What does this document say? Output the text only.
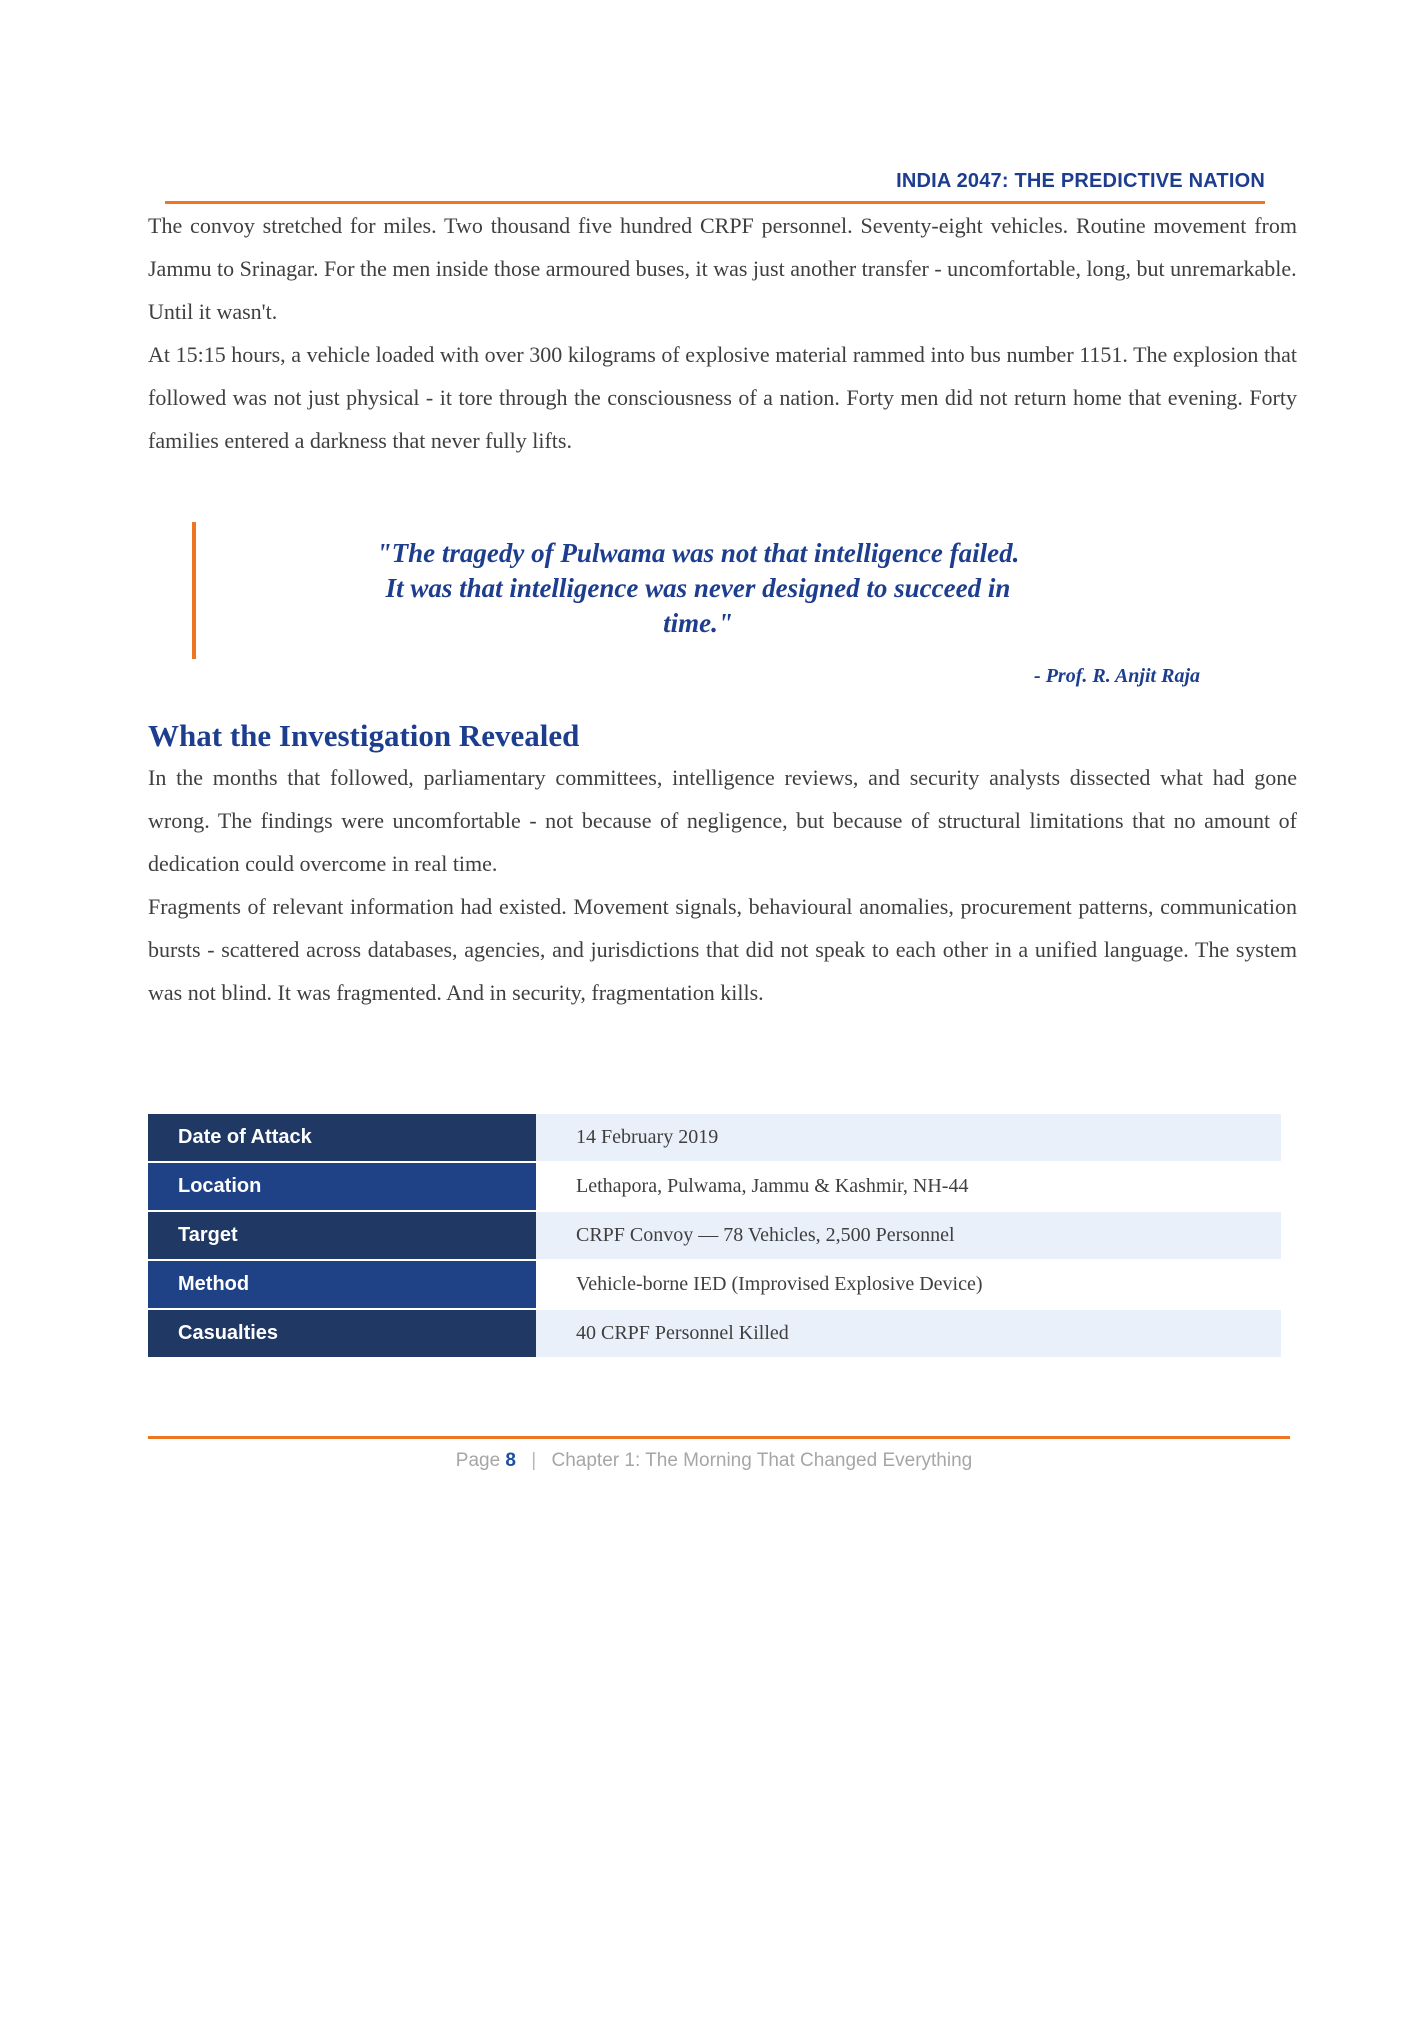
INDIA 2047: THE PREDICTIVE NATION

The convoy stretched for miles. Two thousand five hundred CRPF personnel. Seventy-eight vehicles. Routine movement from Jammu to Srinagar. For the men inside those armoured buses, it was just another transfer - uncomfortable, long, but unremarkable.

Until it wasn't.

At 15:15 hours, a vehicle loaded with over 300 kilograms of explosive material rammed into bus number 1151. The explosion that followed was not just physical - it tore through the consciousness of a nation. Forty men did not return home that evening. Forty families entered a darkness that never fully lifts.

"The tragedy of Pulwama was not that intelligence failed.
It was that intelligence was never designed to succeed in
time."
- Prof. R. Anjit Raja
What the Investigation Revealed

In the months that followed, parliamentary committees, intelligence reviews, and security analysts dissected what had gone wrong. The findings were uncomfortable - not because of negligence, but because of structural limitations that no amount of dedication could overcome in real time.

Fragments of relevant information had existed. Movement signals, behavioural anomalies, procurement patterns, communication bursts - scattered across databases, agencies, and jurisdictions that did not speak to each other in a unified language. The system was not blind. It was fragmented. And in security, fragmentation kills.

Date of Attack	14 February 2019
Location	Lethapora, Pulwama, Jammu & Kashmir, NH-44
Target	CRPF Convoy — 78 Vehicles, 2,500 Personnel
Method	Vehicle-borne IED (Improvised Explosive Device)
Casualties	40 CRPF Personnel Killed
Page 8 | Chapter 1: The Morning That Changed Everything
